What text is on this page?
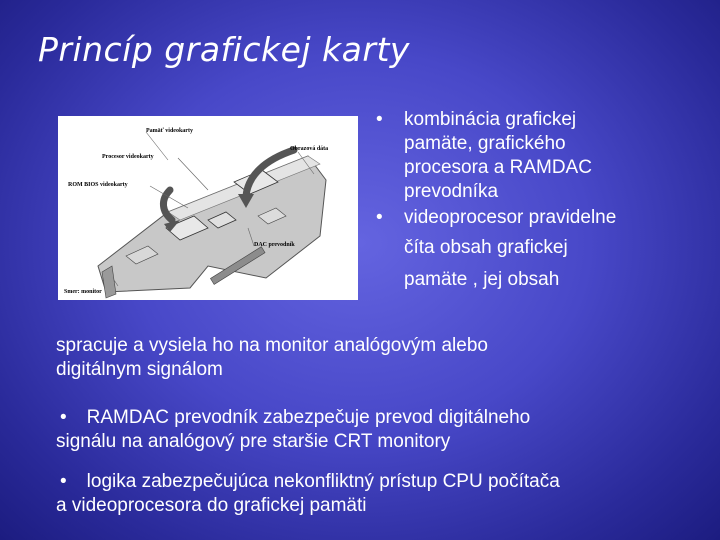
Princíp grafickej karty
Pamäť videokarty
Procesor videokarty
ROM BIOS videokarty
Obrazová dáta
DAC prevodník
Smer: monitor
• kombinácia grafickej
pamäte, grafického
procesora a RAMDAC
prevodníka
• videoprocesor pravidelne
číta obsah grafickej
pamäte , jej obsah
spracuje a vysiela ho na monitor analógovým alebo
digitálnym signálom
• RAMDAC prevodník zabezpečuje prevod digitálneho
signálu na analógový pre staršie CRT monitory
• logika zabezpečujúca nekonfliktný prístup CPU počítača
a videoprocesora do grafickej pamäti
